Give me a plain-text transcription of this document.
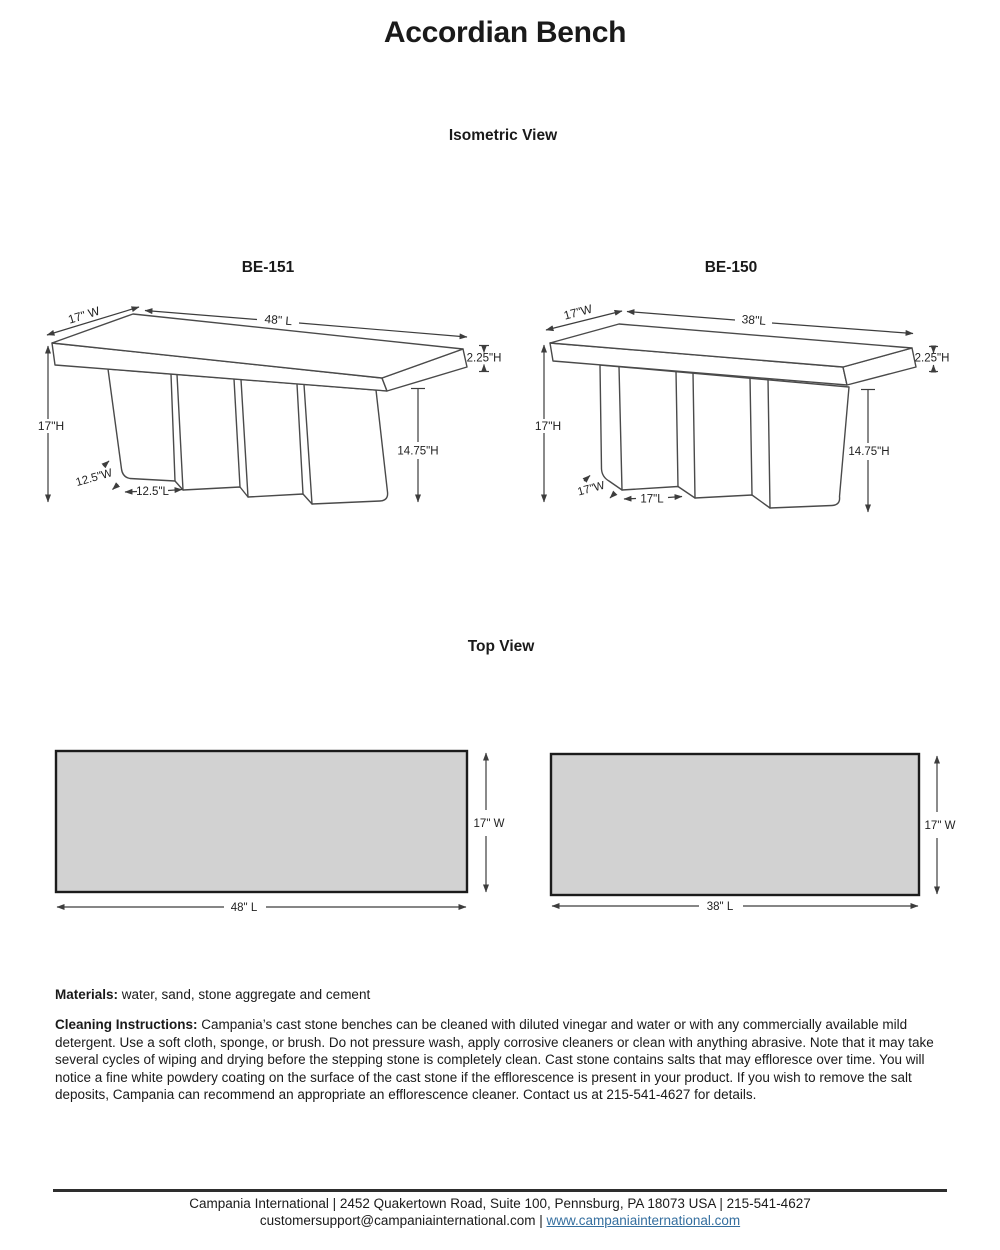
Accordian Bench
Isometric View
BE-151	BE-150
17"H
17" W	48" L
2.25"H
14.75"H
12.5"W
12.5"L
17"H
17"W	38"L
2.25"H
14.75"H
17"W
17"L
Top View
17" W
48" L
17" W
38" L
Materials: water, sand, stone aggregate and cement
Cleaning Instructions: Campania’s cast stone benches can be cleaned with diluted vinegar and water or with any commercially available mild detergent. Use a soft cloth, sponge, or brush. Do not pressure wash, apply corrosive cleaners or clean with anything abrasive. Note that it may take several cycles of wiping and drying before the stepping stone is completely clean. Cast stone contains salts that may effloresce over time. You will notice a fine white powdery coating on the surface of the cast stone if the efflorescence is present in your product. If you wish to remove the salt deposits, Campania can recommend an appropriate an efflorescence cleaner. Contact us at 215-541-4627 for details.
Campania International | 2452 Quakertown Road, Suite 100, Pennsburg, PA 18073 USA | 215-541-4627
customersupport@campaniainternational.com | www.campaniainternational.com
